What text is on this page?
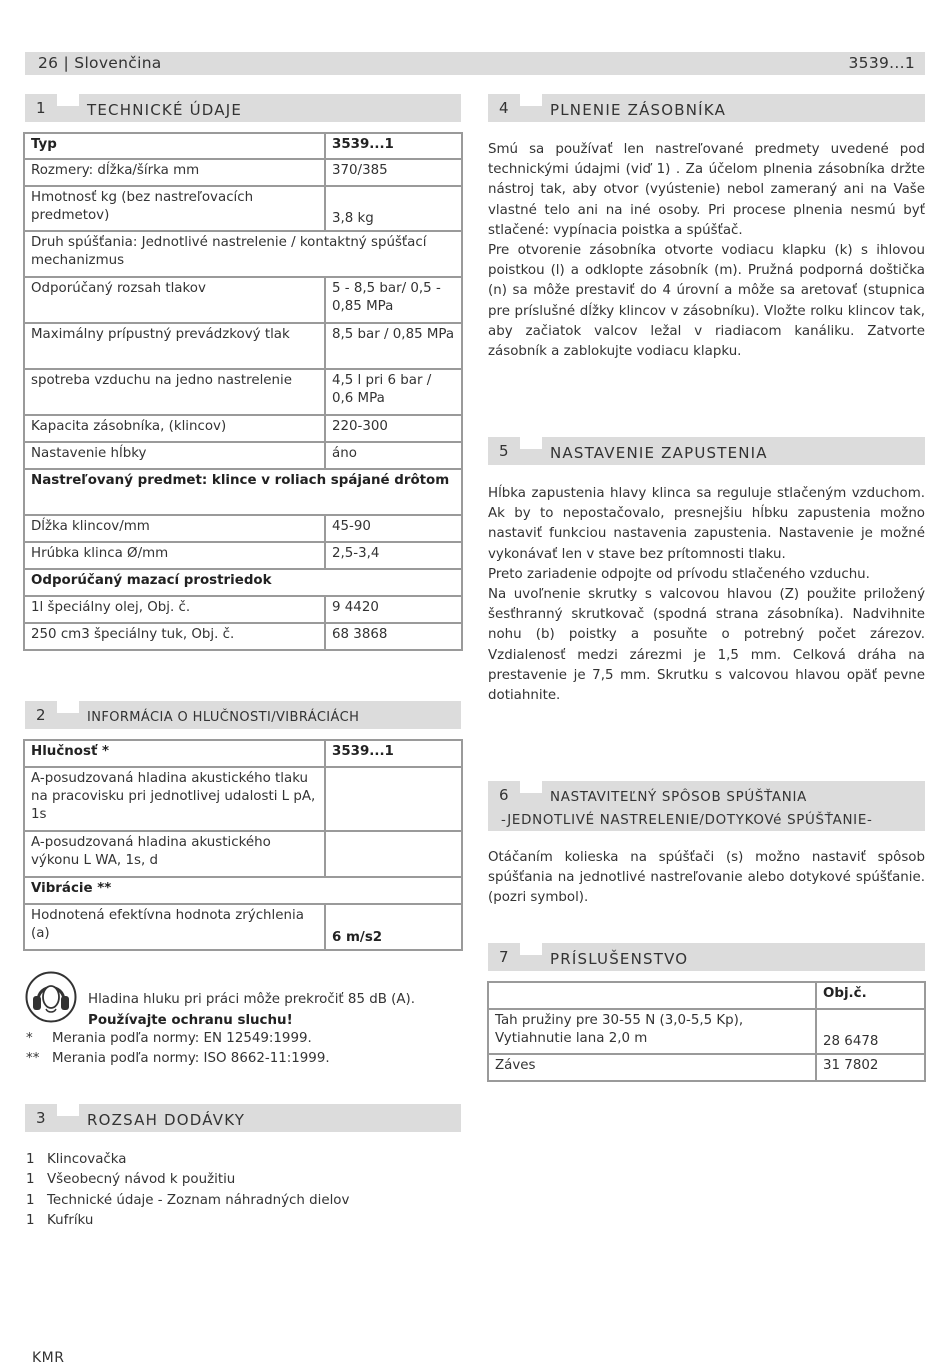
26 | Slovenčina	3539...1
1	TECHNICKÉ ÚDAJE
Typ	3539...1
Rozmery: dĺžka/šírka mm	370/385
Hmotnosť kg (bez nastreľovacích predmetov)	3,8 kg
Druh spúšťania: Jednotlivé nastrelenie / kontaktný spúšťací mechanizmus	
Odporúčaný rozsah tlakov	5 - 8,5 bar/ 0,5 - 0,85 MPa
Maximálny prípustný prevádzkový tlak	8,5 bar / 0,85 MPa
spotreba vzduchu na jedno nastrelenie	4,5 l pri 6 bar / 0,6 MPa
Kapacita zásobníka, (klincov)	220-300
Nastavenie hĺbky	áno
Nastreľovaný predmet: klince v roliach spájané drôtom	
Dĺžka klincov/mm	45-90
Hrúbka klinca Ø/mm	2,5-3,4
Odporúčaný mazací prostriedok	
1l špeciálny olej, Obj. č.	9 4420
250 cm3 špeciálny tuk, Obj. č.	68 3868
2	INFORMÁCIA O HLUČNOSTI/VIBRÁCIÁCH
Hlučnosť *	3539...1
A-posudzovaná hladina akustického tlaku na pracovisku pri jednotlivej udalosti L pA, 1s	
A-posudzovaná hladina akustického výkonu L WA, 1s, d	
Vibrácie **	
Hodnotená efektívna hodnota zrýchlenia (a)	6 m/s2
Hladina hluku pri práci môže prekročiť 85 dB (A). Používajte ochranu sluchu!
* Merania podľa normy: EN 12549:1999.
** Merania podľa normy: ISO 8662-11:1999.
3	ROZSAH DODÁVKY
1 Klincovačka
1 Všeobecný návod k použitiu
1 Technické údaje - Zoznam náhradných dielov
1 Kufríku
4	PLNENIE ZÁSOBNÍKA

Smú sa používať len nastreľované predmety uvedené pod technickými údajmi (viď 1) . Za účelom plnenia zásobníka držte nástroj tak, aby otvor (vyústenie) nebol zameraný ani na Vaše vlastné telo ani na iné osoby. Pri procese plnenia nesmú byť stlačené: vypínacia poistka a spúšťač.

Pre otvorenie zásobníka otvorte vodiacu klapku (k) s ihlovou poistkou (l) a odklopte zásobník (m). Pružná podporná doštička (n) sa môže prestaviť do 4 úrovní a môže sa aretovať (stupnica pre príslušné dĺžky klincov v zásobníku). Vložte rolku klincov tak, aby začiatok valcov ležal v riadiacom kanáliku. Zatvorte zásobník a zablokujte vodiacu klapku.

5	NASTAVENIE ZAPUSTENIA

Hĺbka zapustenia hlavy klinca sa reguluje stlačeným vzduchom. Ak by to nepostačovalo, presnejšiu hĺbku zapustenia možno nastaviť funkciou nastavenia zapustenia. Nastavenie je možné vykonávať len v stave bez prítomnosti tlaku.

Preto zariadenie odpojte od prívodu stlačeného vzduchu.

Na uvoľnenie skrutky s valcovou hlavou (Z) použite priložený šesťhranný skrutkovač (spodná strana zásobníka). Nadvihnite nohu (b) poistky a posuňte o potrebný počet zárezov. Vzdialenosť medzi zárezmi je 1,5 mm. Celková dráha na prestavenie je 7,5 mm. Skrutku s valcovou hlavou opäť pevne dotiahnite.

6	NASTAVITEĽNÝ SPÔSOB SPÚŠŤANIA
-JEDNOTLIVÉ NASTRELENIE/DOTYKOVé SPÚŠŤANIE-

Otáčaním kolieska na spúšťači (s) možno nastaviť spôsob spúšťania na jednotlivé nastreľovanie alebo dotykové spúšťanie. (pozri symbol).

7	PRÍSLUŠENSTVO
	Obj.č.
Tah pružiny pre 30-55 N (3,0-5,5 Kp), Vytiahnutie lana 2,0 m	28 6478
Záves	31 7802
KMR
